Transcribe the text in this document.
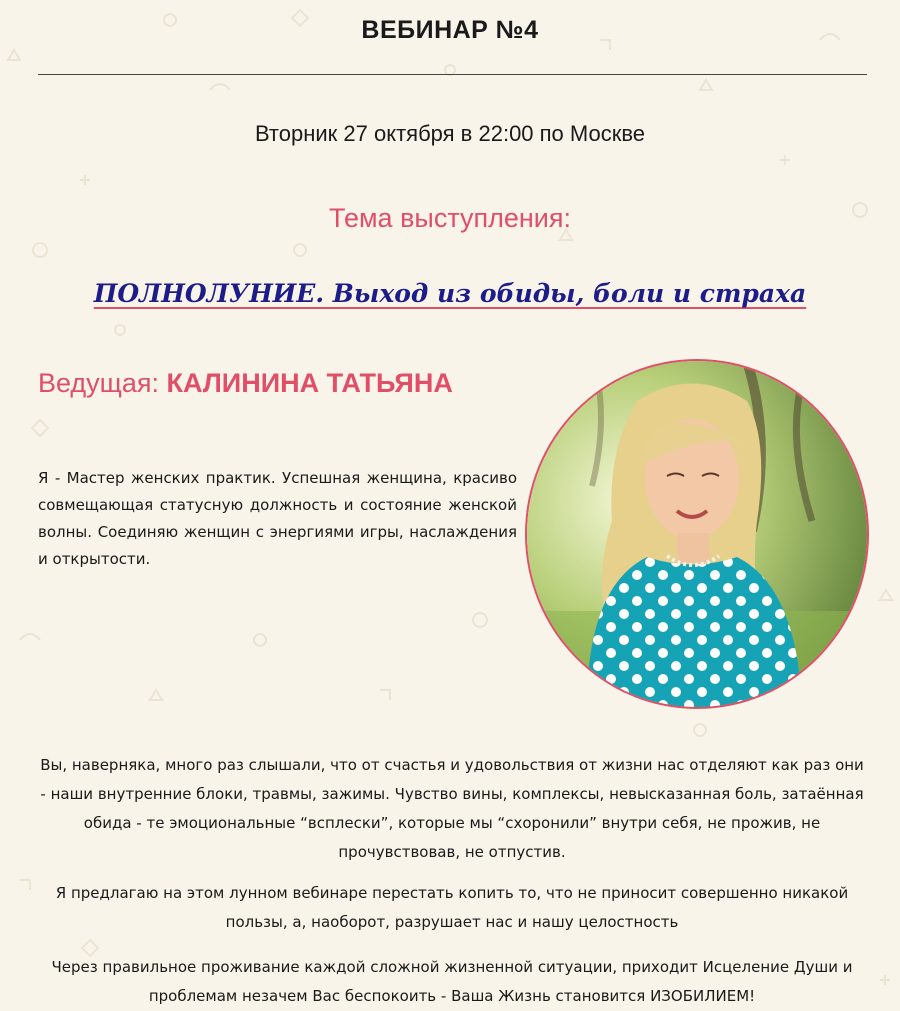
ВЕБИНАР №4
Вторник 27 октября в 22:00 по Москве
Тема выступления:
ПОЛНОЛУНИЕ. Выход из обиды, боли и страха
Ведущая: КАЛИНИНА ТАТЬЯНА
Я - Мастер женских практик. Успешная женщина, красиво совмещающая статусную должность и состояние женской волны. Соединяю женщин с энергиями игры, наслаждения и открытости.
Вы, наверняка, много раз слышали, что от счастья и удовольствия от жизни нас отделяют как раз они - наши внутренние блоки, травмы, зажимы. Чувство вины, комплексы, невысказанная боль, затаённая обида - те эмоциональные “всплески”, которые мы “схоронили” внутри себя, не прожив, не прочувствовав, не отпустив.
Я предлагаю на этом лунном вебинаре перестать копить то, что не приносит совершенно никакой пользы, а, наоборот, разрушает нас и нашу целостность
Через правильное проживание каждой сложной жизненной ситуации, приходит Исцеление Души и проблемам незачем Вас беспокоить - Ваша Жизнь становится ИЗОБИЛИЕМ!
